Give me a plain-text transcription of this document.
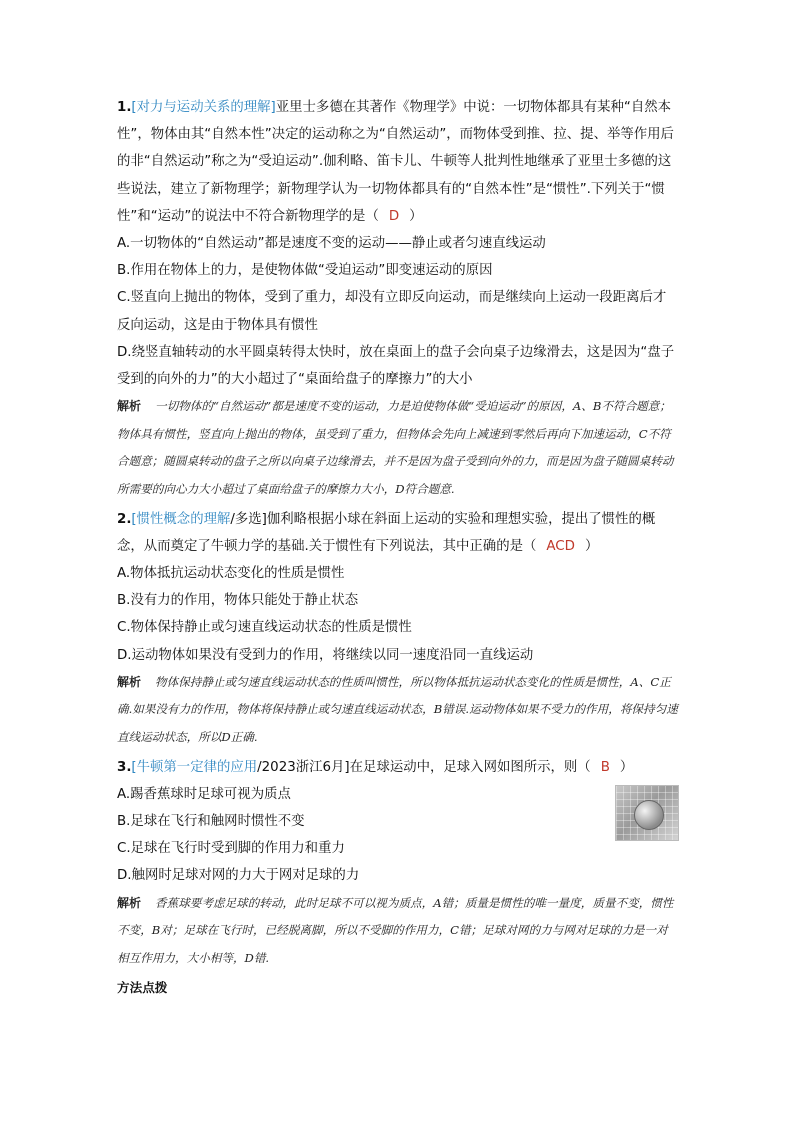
1.[对力与运动关系的理解]亚里士多德在其著作《物理学》中说：一切物体都具有某种“自然本性”，物体由其“自然本性”决定的运动称之为“自然运动”，而物体受到推、拉、提、举等作用后的非“自然运动”称之为“受迫运动”.伽利略、笛卡儿、牛顿等人批判性地继承了亚里士多德的这些说法，建立了新物理学；新物理学认为一切物体都具有的“自然本性”是“惯性”.下列关于“惯性”和“运动”的说法中不符合新物理学的是（ D ）

A.一切物体的“自然运动”都是速度不变的运动——静止或者匀速直线运动

B.作用在物体上的力，是使物体做“受迫运动”即变速运动的原因

C.竖直向上抛出的物体，受到了重力，却没有立即反向运动，而是继续向上运动一段距离后才反向运动，这是由于物体具有惯性

D.绕竖直轴转动的水平圆桌转得太快时，放在桌面上的盘子会向桌子边缘滑去，这是因为“盘子受到的向外的力”的大小超过了“桌面给盘子的摩擦力”的大小

解析 一切物体的“自然运动”都是速度不变的运动，力是迫使物体做“受迫运动”的原因，A、B不符合题意；物体具有惯性，竖直向上抛出的物体，虽受到了重力，但物体会先向上减速到零然后再向下加速运动，C不符合题意；随圆桌转动的盘子之所以向桌子边缘滑去，并不是因为盘子受到向外的力，而是因为盘子随圆桌转动所需要的向心力大小超过了桌面给盘子的摩擦力大小，D符合题意.

2.[惯性概念的理解/多选]伽利略根据小球在斜面上运动的实验和理想实验，提出了惯性的概念，从而奠定了牛顿力学的基础.关于惯性有下列说法，其中正确的是（ ACD ）

A.物体抵抗运动状态变化的性质是惯性

B.没有力的作用，物体只能处于静止状态

C.物体保持静止或匀速直线运动状态的性质是惯性

D.运动物体如果没有受到力的作用，将继续以同一速度沿同一直线运动

解析 物体保持静止或匀速直线运动状态的性质叫惯性，所以物体抵抗运动状态变化的性质是惯性，A、C正确.如果没有力的作用，物体将保持静止或匀速直线运动状态，B错误.运动物体如果不受力的作用，将保持匀速直线运动状态，所以D正确.

3.[牛顿第一定律的应用/2023浙江6月]在足球运动中，足球入网如图所示，则（ B ）

A.踢香蕉球时足球可视为质点

B.足球在飞行和触网时惯性不变

C.足球在飞行时受到脚的作用力和重力

D.触网时足球对网的力大于网对足球的力

解析 香蕉球要考虑足球的转动，此时足球不可以视为质点，A错；质量是惯性的唯一量度，质量不变，惯性不变，B对；足球在飞行时，已经脱离脚，所以不受脚的作用力，C错；足球对网的力与网对足球的力是一对相互作用力，大小相等，D错.

方法点拨
